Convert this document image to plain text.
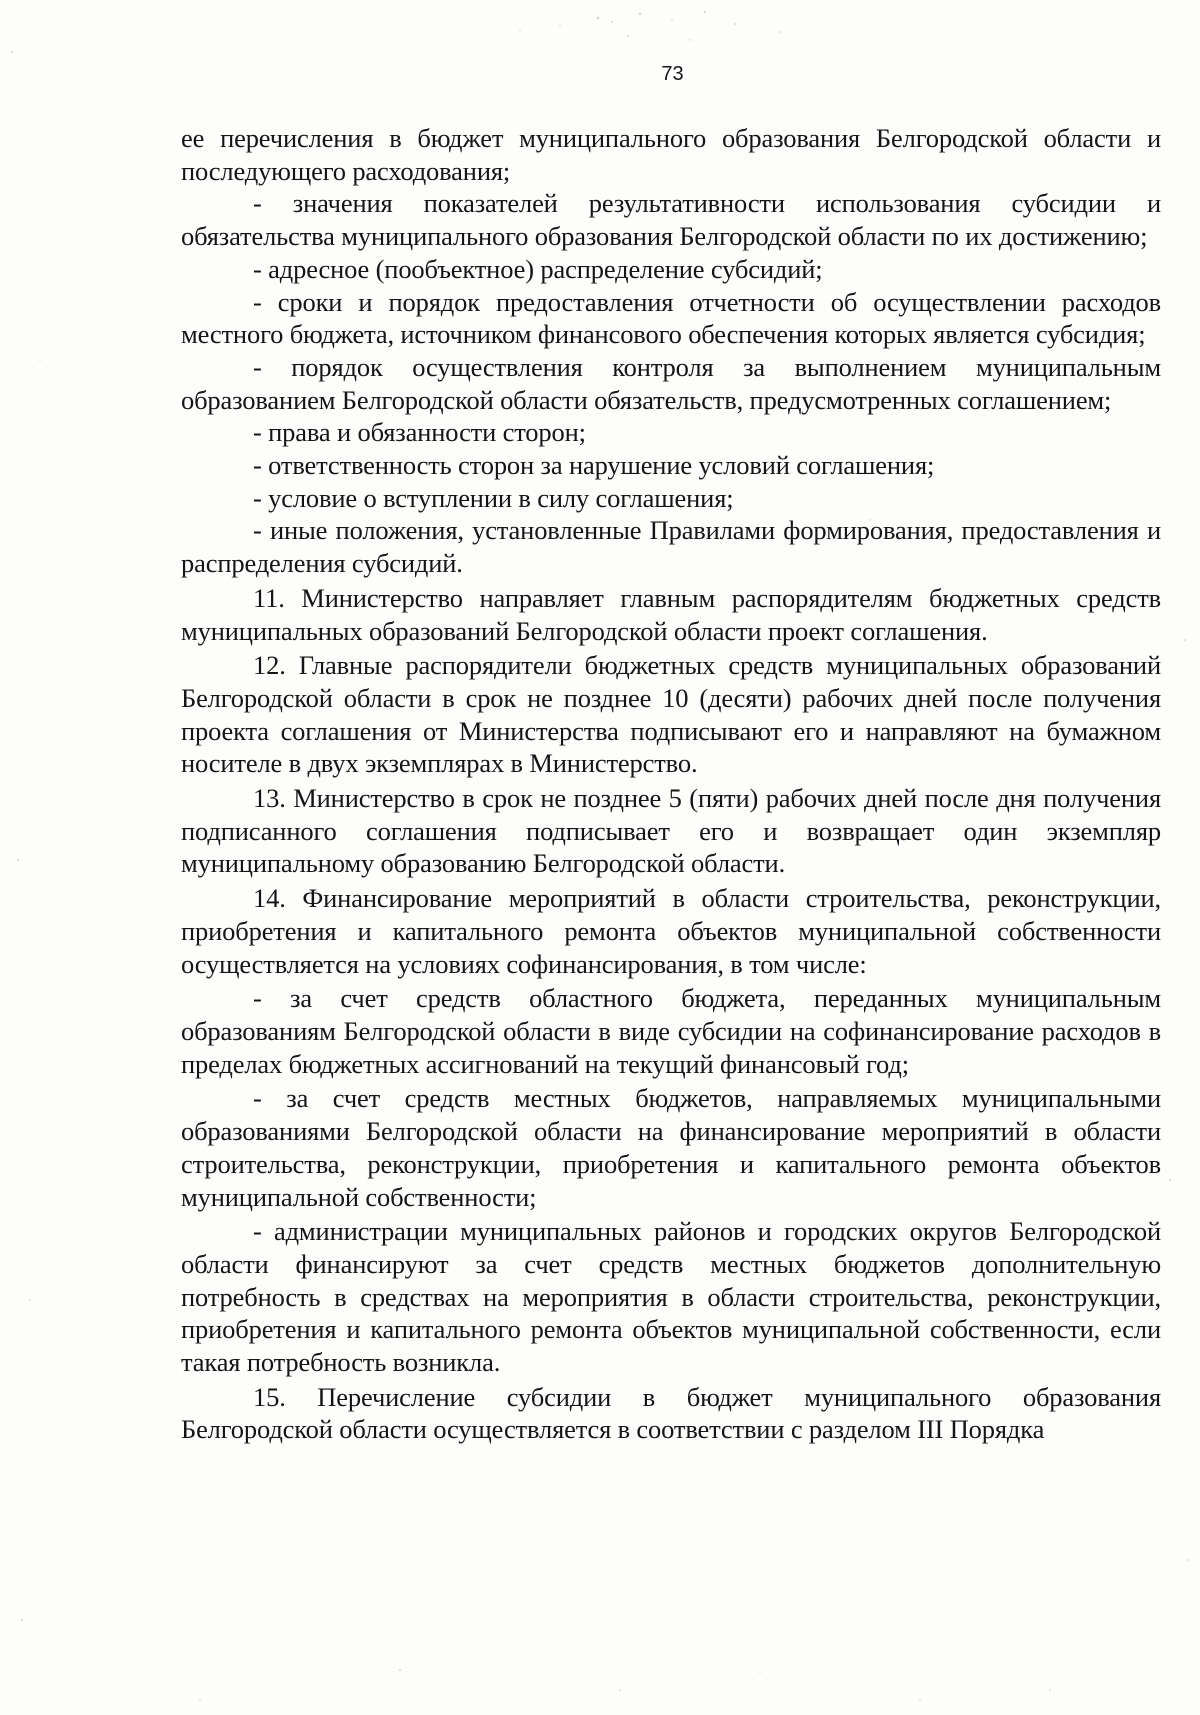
73

ее перечисления в бюджет муниципального образования Белгородской области и последующего расходования;

- значения показателей результативности использования субсидии и обязательства муниципального образования Белгородской области по их достижению;

- адресное (пообъектное) распределение субсидий;

- сроки и порядок предоставления отчетности об осуществлении расходов местного бюджета, источником финансового обеспечения которых является субсидия;

- порядок осуществления контроля за выполнением муниципальным образованием Белгородской области обязательств, предусмотренных соглашением;

- права и обязанности сторон;

- ответственность сторон за нарушение условий соглашения;

- условие о вступлении в силу соглашения;

- иные положения, установленные Правилами формирования, предоставления и распределения субсидий.

11. Министерство направляет главным распорядителям бюджетных средств муниципальных образований Белгородской области проект соглашения.

12. Главные распорядители бюджетных средств муниципальных образований Белгородской области в срок не позднее 10 (десяти) рабочих дней после получения проекта соглашения от Министерства подписывают его и направляют на бумажном носителе в двух экземплярах в Министерство.

13. Министерство в срок не позднее 5 (пяти) рабочих дней после дня получения подписанного соглашения подписывает его и возвращает один экземпляр муниципальному образованию Белгородской области.

14. Финансирование мероприятий в области строительства, реконструкции, приобретения и капитального ремонта объектов муниципальной собственности осуществляется на условиях софинансирования, в том числе:

- за счет средств областного бюджета, переданных муниципальным образованиям Белгородской области в виде субсидии на софинансирование расходов в пределах бюджетных ассигнований на текущий финансовый год;

- за счет средств местных бюджетов, направляемых муниципальными образованиями Белгородской области на финансирование мероприятий в области строительства, реконструкции, приобретения и капитального ремонта объектов муниципальной собственности;

- администрации муниципальных районов и городских округов Белгородской области финансируют за счет средств местных бюджетов дополнительную потребность в средствах на мероприятия в области строительства, реконструкции, приобретения и капитального ремонта объектов муниципальной собственности, если такая потребность возникла.

15. Перечисление субсидии в бюджет муниципального образования Белгородской области осуществляется в соответствии с разделом III Порядка
